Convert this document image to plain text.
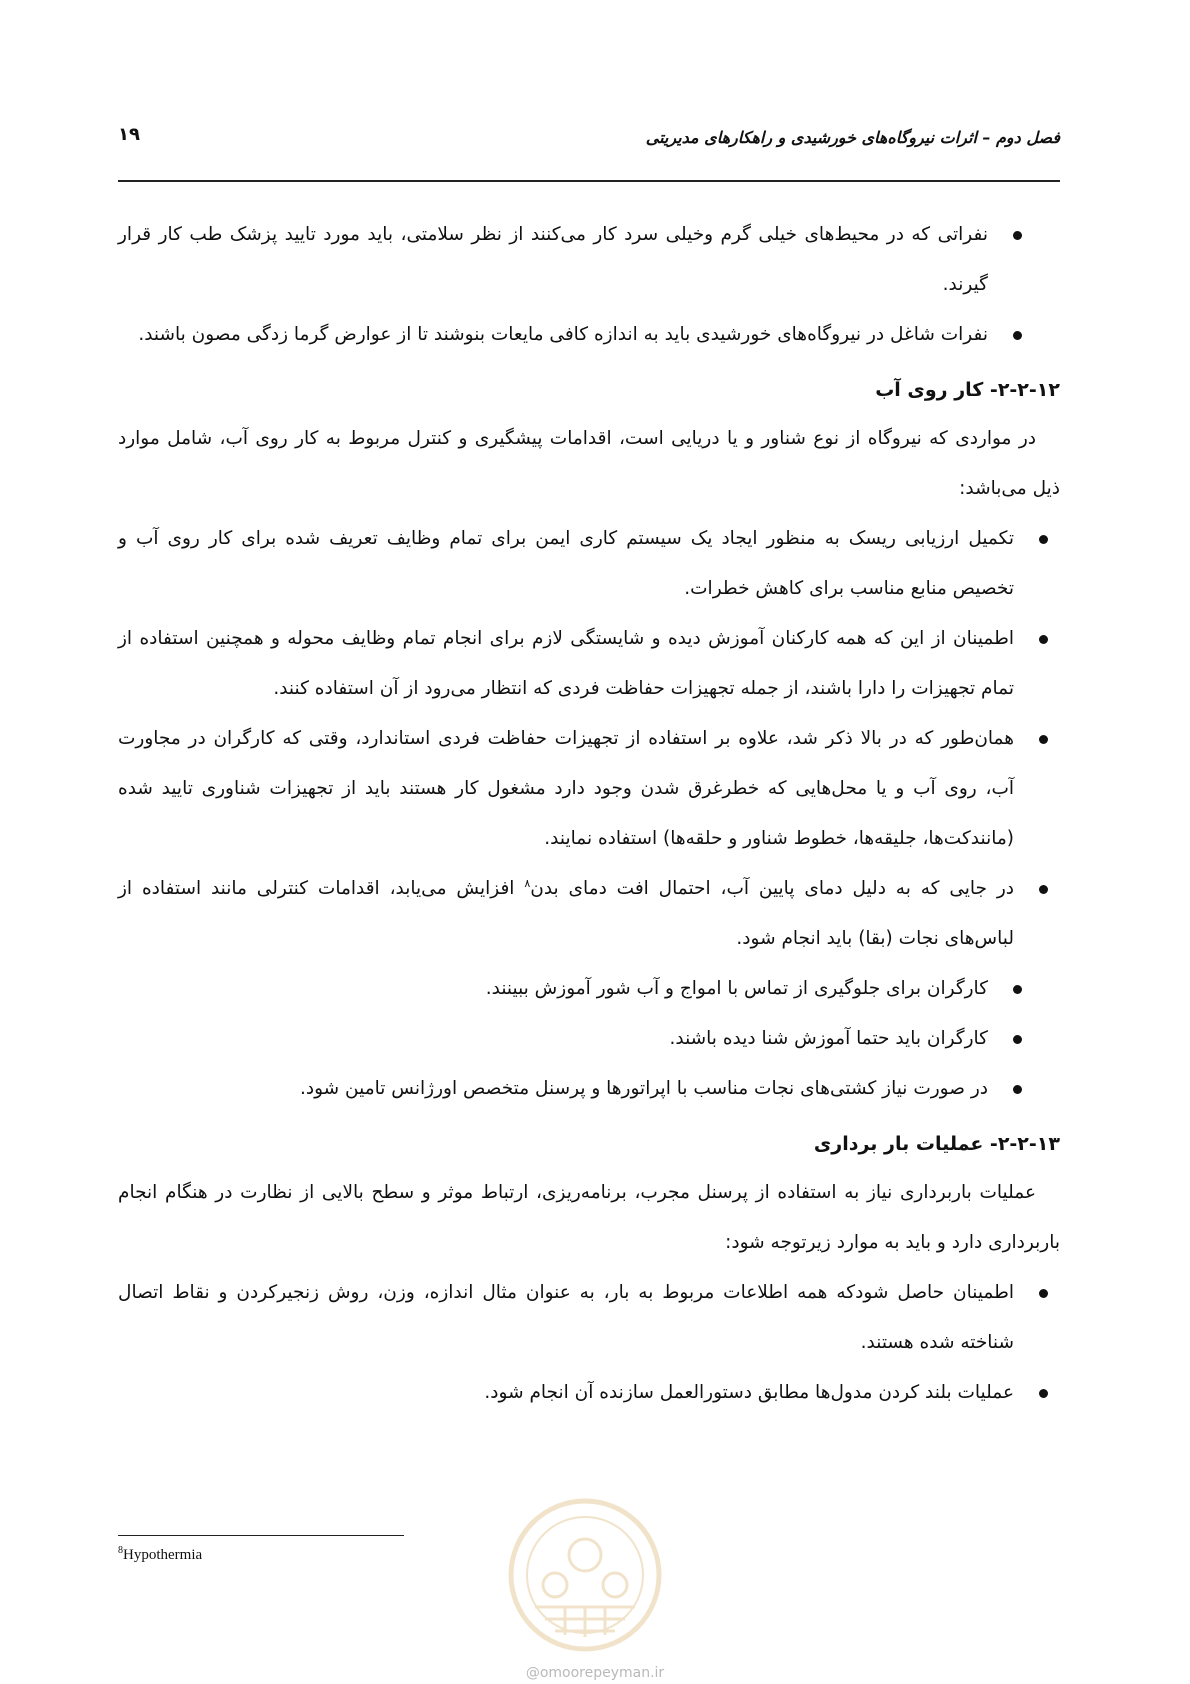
فصل دوم – اثرات نیروگاه‌های خورشیدی و راهکارهای مدیریتی
۱۹
نفراتی که در محیط‌های خیلی گرم وخیلی سرد کار می‌کنند از نظر سلامتی، باید مورد تایید پزشک طب کار قرار گیرند.
نفرات شاغل در نیروگاه‌های خورشیدی باید به اندازه کافی مایعات بنوشند تا از عوارض گرما زدگی مصون باشند.
۲-۲-۱۲- کار روی آب

در مواردی که نیروگاه از نوع شناور و یا دریایی است، اقدامات پیشگیری و کنترل مربوط به کار روی آب، شامل موارد ذیل می‌باشد:

تکمیل ارزیابی ریسک به منظور ایجاد یک سیستم کاری ایمن برای تمام وظایف تعریف شده برای کار روی آب و تخصیص منابع مناسب برای کاهش خطرات.
اطمینان از این که همه کارکنان آموزش دیده و شایستگی لازم برای انجام تمام وظایف محوله و همچنین استفاده از تمام تجهیزات را دارا باشند، از جمله تجهیزات حفاظت فردی که انتظار می‌رود از آن استفاده کنند.
همان‌طور که در بالا ذکر شد، علاوه بر استفاده از تجهیزات حفاظت فردی استاندارد، وقتی که کارگران در مجاورت آب، روی آب و یا محل‌هایی که خطرغرق شدن وجود دارد مشغول کار هستند باید از تجهیزات شناوری تایید شده (مانندکت‌ها، جلیقه‌ها، خطوط شناور و حلقه‌ها) استفاده نمایند.
در جایی که به دلیل دمای پایین آب، احتمال افت دمای بدن$^۸$ افزایش می‌یابد، اقدامات کنترلی مانند استفاده از لباس‌های نجات (بقا) باید انجام شود.
کارگران برای جلوگیری از تماس با امواج و آب شور آموزش ببینند.
کارگران باید حتما آموزش شنا دیده باشند.
در صورت نیاز کشتی‌های نجات مناسب با اپراتورها و پرسنل متخصص اورژانس تامین شود.
۲-۲-۱۳- عملیات بار برداری

عملیات باربرداری نیاز به استفاده از پرسنل مجرب، برنامه‌ریزی، ارتباط موثر و سطح بالایی از نظارت در هنگام انجام باربرداری دارد و باید به موارد زیرتوجه شود:

اطمینان حاصل شودکه همه اطلاعات مربوط به بار، به عنوان مثال اندازه، وزن، روش زنجیرکردن و نقاط اتصال شناخته شده هستند.
عملیات بلند کردن مدول‌ها مطابق دستورالعمل سازنده آن انجام شود.
$^8$Hypothermia
@omoorepeyman.ir
